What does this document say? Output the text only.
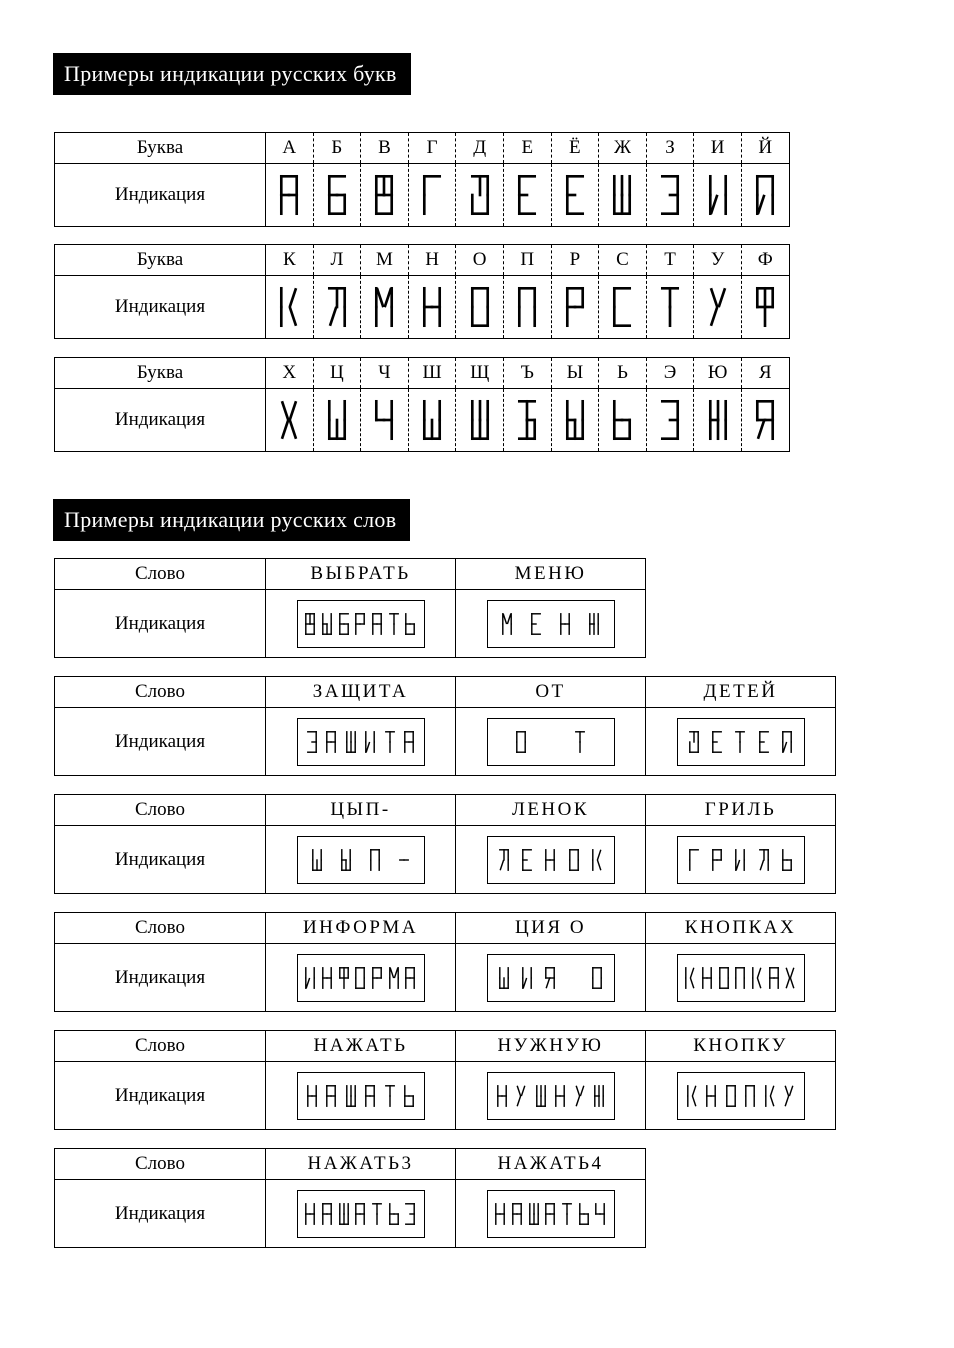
Примеры индикации русских букв
Буква	А	Б	В	Г	Д	Е	Ё	Ж	З	И	Й
Индикация	

Буква	К	Л	М	Н	О	П	Р	С	Т	У	Ф
Индикация	

Буква	Х	Ц	Ч	Ш	Щ	Ъ	Ы	Ь	Э	Ю	Я
Индикация	

Примеры индикации русских слов
Слово	ВЫБРАТЬ	МЕНЮ
Индикация	

Слово	ЗАЩИТА	ОТ	ДЕТЕЙ
Индикация	

Слово	ЦЫП-	ЛЕНОК	ГРИЛЬ
Индикация	

Слово	ИНФОРМА	ЦИЯ О	КНОПКАХ
Индикация	

Слово	НАЖАТЬ	НУЖНУЮ	КНОПКУ
Индикация	

Слово	НАЖАТЬ3	НАЖАТЬ4
Индикация	
